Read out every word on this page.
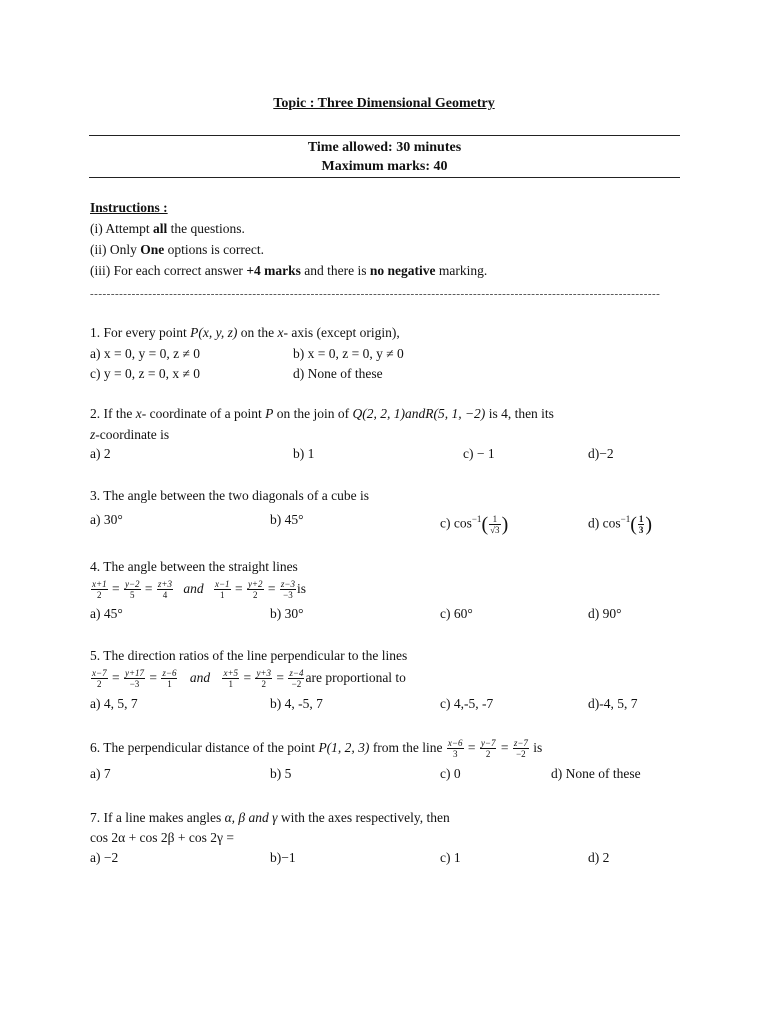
Topic : Three Dimensional Geometry
Time allowed: 30 minutes
Maximum marks: 40
Instructions :
(i) Attempt all the questions.
(ii) Only One options is correct.
(iii) For each correct answer +4 marks and there is no negative marking.
-----------------------------------------------------------------------------------------------------------------------------------------
1. For every point P(x, y, z) on the x- axis (except origin),
a) x = 0, y = 0, z ≠ 0	b) x = 0, z = 0, y ≠ 0
c) y = 0, z = 0, x ≠ 0	d) None of these
2. If the x- coordinate of a point P on the join of Q(2, 2, 1)andR(5, 1, −2) is 4, then its
z-coordinate is
a) 2	b) 1	c) − 1	d)−2
3. The angle between the two diagonals of a cube is
a) 30°	b) 45°	c) $\cos^{-1}( \frac{1}{√3}$ )	d) $\cos^{-1}( \frac{1}{3}$ )
4. The angle between the straight lines
$\frac{x+1}{2} = \frac{y-2}{5} = \frac{z+3}{4}$ and $\frac{x-1}{1} = \frac{y+2}{2} = \frac{z-3}{-3}$ is
a) 45°	b) 30°	c) 60°	d) 90°
5. The direction ratios of the line perpendicular to the lines
$\frac{x-7}{2} = \frac{y+17}{-3} = \frac{z-6}{1}$ and $\frac{x+5}{1} = \frac{y+3}{2} = \frac{z-4}{-2}$ are proportional to
a) 4, 5, 7	b) 4, -5, 7	c) 4,-5, -7	d)-4, 5, 7
6. The perpendicular distance of the point P(1, 2, 3) from the line $\frac{x-6}{3} = \frac{y-7}{2} = \frac{z-7}{-2}$ is
a) 7	b) 5	c) 0	d) None of these
7. If a line makes angles α, β and γ with the axes respectively, then
cos 2α + cos 2β + cos 2γ =
a) −2	b)−1	c) 1	d) 2
